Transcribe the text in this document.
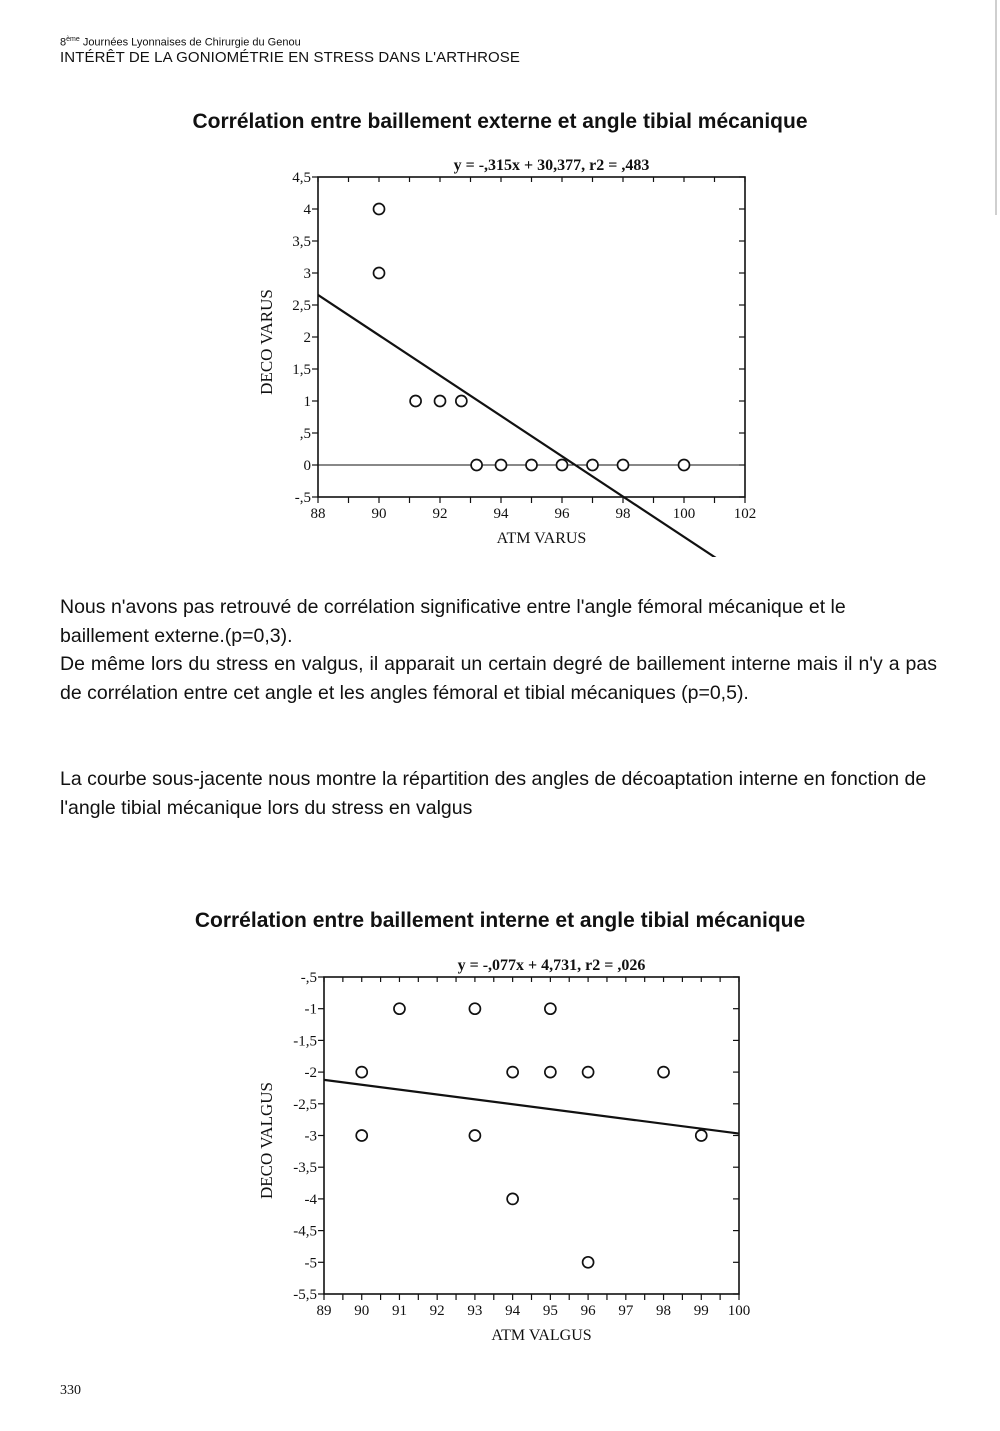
8ème Journées Lyonnaises de Chirurgie du Genou
INTÉRÊT DE LA GONIOMÉTRIE EN STRESS DANS L'ARTHROSE
Corrélation entre baillement externe et angle tibial mécanique
-,5
0
,5
1
1,5
2
2,5
3
3,5
4
4,5
88	90	92	94	96	98	100	102
y = -,315x + 30,377, r2 = ,483
ATM VARUS
DECO VARUS

Nous n'avons pas retrouvé de corrélation significative entre l'angle fémoral mécanique et le baillement externe.(p=0,3).

De même lors du stress en valgus, il apparait un certain degré de baillement interne mais il n'y a pas de corrélation entre cet angle et les angles fémoral et tibial mécaniques (p=0,5).

La courbe sous-jacente nous montre la répartition des angles de décoaptation interne en fonction de l'angle tibial mécanique lors du stress en valgus

Corrélation entre baillement interne et angle tibial mécanique
-5,5
-5
-4,5
-4
-3,5
-3
-2,5
-2
-1,5
-1
-,5
89 90 91 92 93 94 95 96 97 98 99 100
y = -,077x + 4,731, r2 = ,026
ATM VALGUS
DECO VALGUS
330
